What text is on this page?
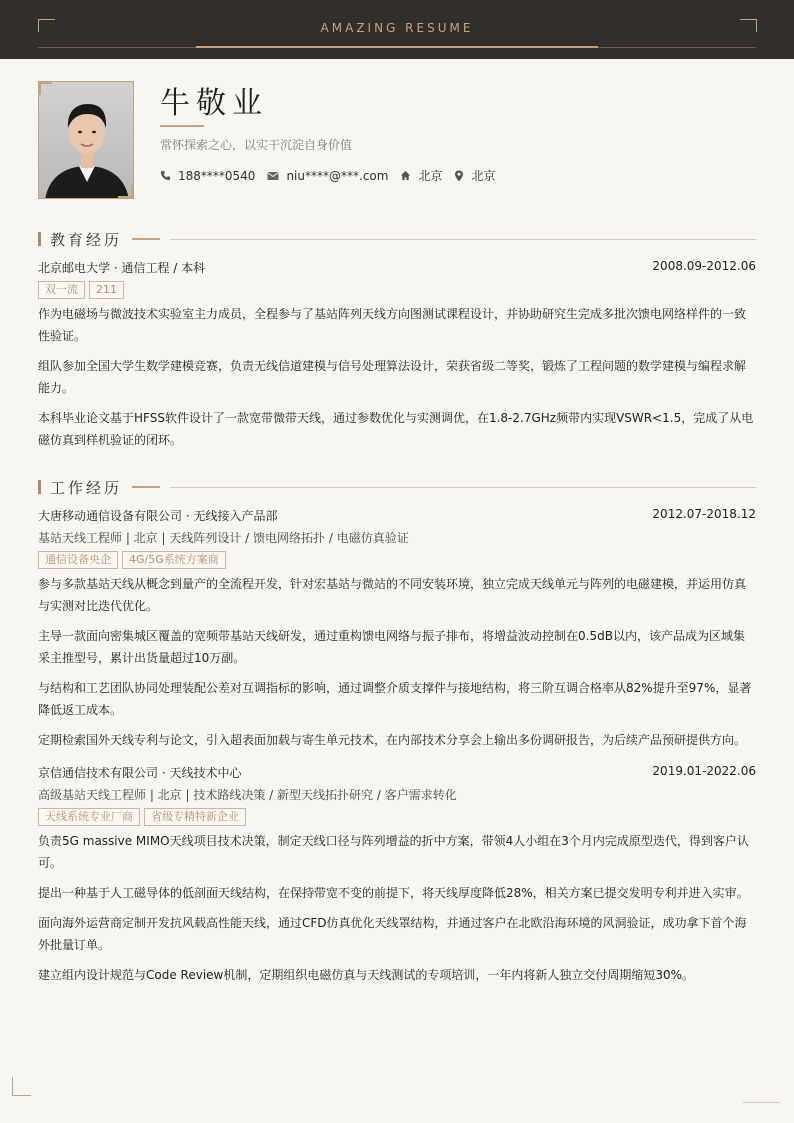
AMAZING RESUME
牛敬业
常怀探索之心，以实干沉淀自身价值
188****0540	niu****@***.com	北京 北京
教育经历
北京邮电大学 · 通信工程 / 本科	2008.09-2012.06
双一流	211

作为电磁场与微波技术实验室主力成员，全程参与了基站阵列天线方向图测试课程设计，并协助研究生完成多批次馈电网络样件的一致性验证。

组队参加全国大学生数学建模竞赛，负责无线信道建模与信号处理算法设计，荣获省级二等奖，锻炼了工程问题的数学建模与编程求解能力。

本科毕业论文基于HFSS软件设计了一款宽带微带天线，通过参数优化与实测调优，在1.8-2.7GHz频带内实现VSWR<1.5，完成了从电磁仿真到样机验证的闭环。

工作经历
大唐移动通信设备有限公司 · 无线接入产品部	2012.07-2018.12
基站天线工程师 | 北京 | 天线阵列设计 / 馈电网络拓扑 / 电磁仿真验证
通信设备央企	4G/5G系统方案商

参与多款基站天线从概念到量产的全流程开发，针对宏基站与微站的不同安装环境，独立完成天线单元与阵列的电磁建模，并运用仿真与实测对比迭代优化。

主导一款面向密集城区覆盖的宽频带基站天线研发，通过重构馈电网络与振子排布，将增益波动控制在0.5dB以内，该产品成为区域集采主推型号，累计出货量超过10万副。

与结构和工艺团队协同处理装配公差对互调指标的影响，通过调整介质支撑件与接地结构，将三阶互调合格率从82%提升至97%，显著降低返工成本。

定期检索国外天线专利与论文，引入超表面加载与寄生单元技术，在内部技术分享会上输出多份调研报告，为后续产品预研提供方向。

京信通信技术有限公司 · 天线技术中心	2019.01-2022.06
高级基站天线工程师 | 北京 | 技术路线决策 / 新型天线拓扑研究 / 客户需求转化
天线系统专业厂商	省级专精特新企业

负责5G massive MIMO天线项目技术决策，制定天线口径与阵列增益的折中方案，带领4人小组在3个月内完成原型迭代，得到客户认可。

提出一种基于人工磁导体的低剖面天线结构，在保持带宽不变的前提下，将天线厚度降低28%，相关方案已提交发明专利并进入实审。

面向海外运营商定制开发抗风载高性能天线，通过CFD仿真优化天线罩结构，并通过客户在北欧沿海环境的风洞验证，成功拿下首个海外批量订单。

建立组内设计规范与Code Review机制，定期组织电磁仿真与天线测试的专项培训，一年内将新人独立交付周期缩短30%。
